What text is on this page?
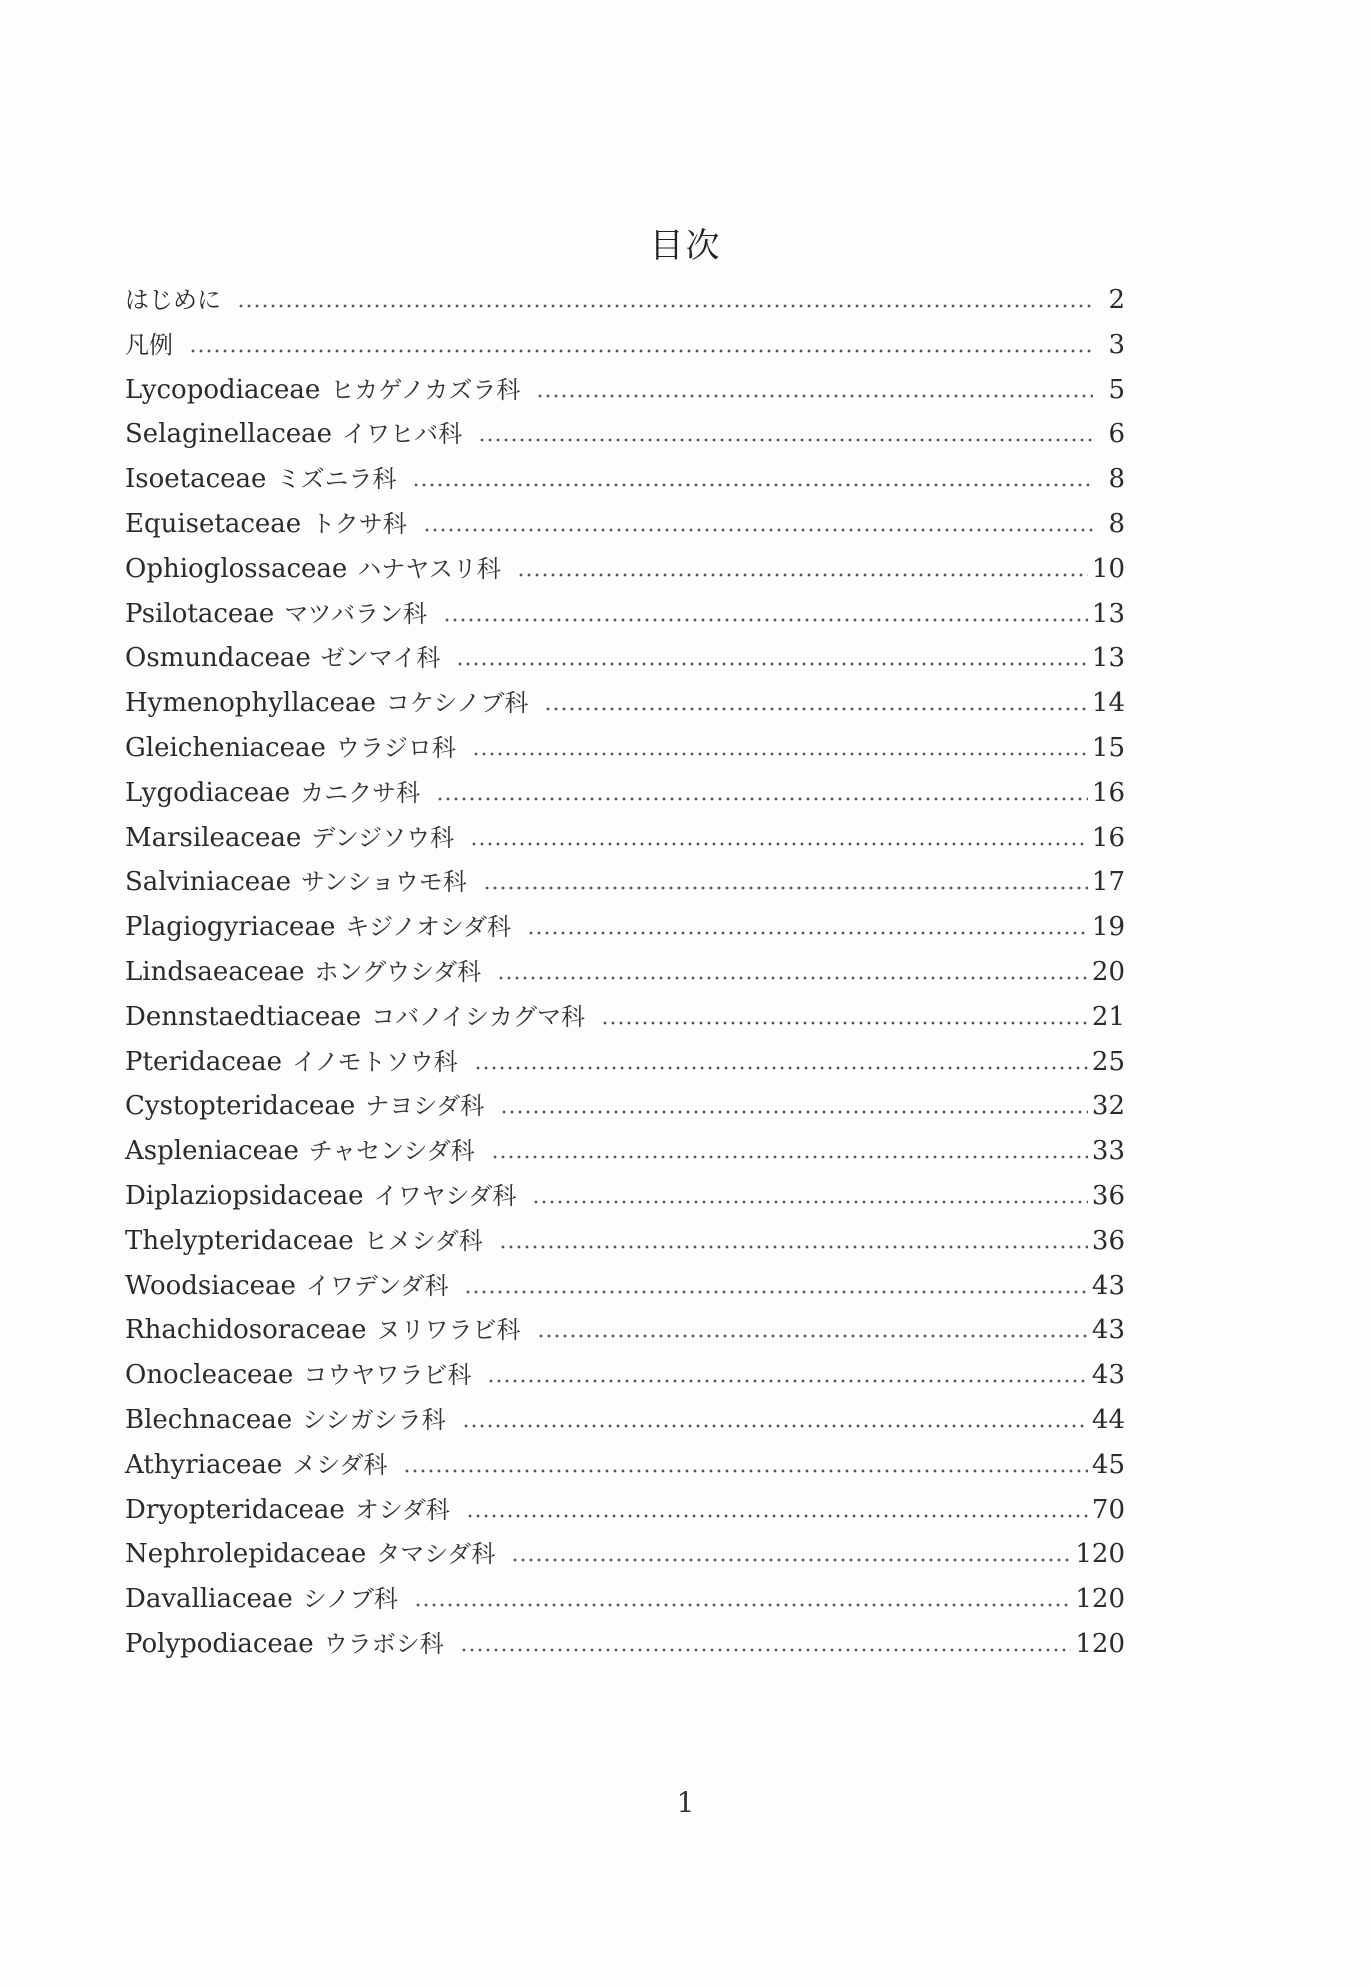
目次
はじめに	2
凡例	3
Lycopodiaceae ヒカゲノカズラ科	5
Selaginellaceae イワヒバ科	6
Isoetaceae ミズニラ科	8
Equisetaceae トクサ科	8
Ophioglossaceae ハナヤスリ科	10
Psilotaceae マツバラン科	13
Osmundaceae ゼンマイ科	13
Hymenophyllaceae コケシノブ科	14
Gleicheniaceae ウラジロ科	15
Lygodiaceae カニクサ科	16
Marsileaceae デンジソウ科	16
Salviniaceae サンショウモ科	17
Plagiogyriaceae キジノオシダ科	19
Lindsaeaceae ホングウシダ科	20
Dennstaedtiaceae コバノイシカグマ科	21
Pteridaceae イノモトソウ科	25
Cystopteridaceae ナヨシダ科	32
Aspleniaceae チャセンシダ科	33
Diplaziopsidaceae イワヤシダ科	36
Thelypteridaceae ヒメシダ科	36
Woodsiaceae イワデンダ科	43
Rhachidosoraceae ヌリワラビ科	43
Onocleaceae コウヤワラビ科	43
Blechnaceae シシガシラ科	44
Athyriaceae メシダ科	45
Dryopteridaceae オシダ科	70
Nephrolepidaceae タマシダ科	120
Davalliaceae シノブ科	120
Polypodiaceae ウラボシ科	120
1
